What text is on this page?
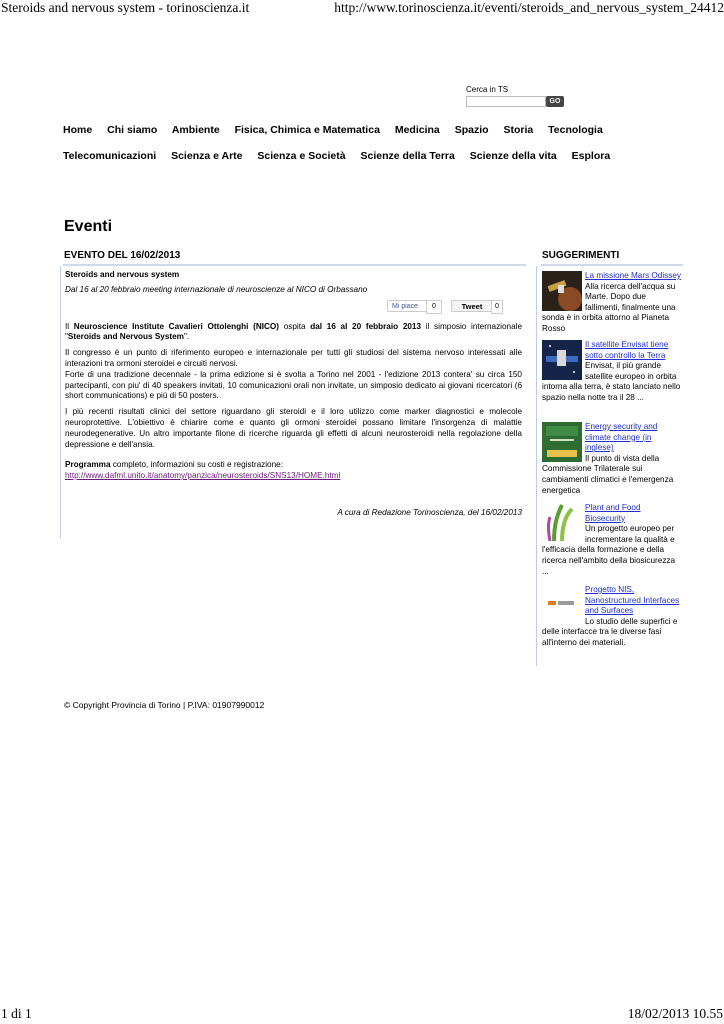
Steroids and nervous system - torinoscienza.it	http://www.torinoscienza.it/eventi/steroids_and_nervous_system_24412
Cerca in TS
GO
Home Chi siamo Ambiente Fisica, Chimica e Matematica Medicina Spazio Storia Tecnologia
Telecomunicazioni Scienza e Arte Scienza e Società Scienze della Terra Scienze della vita Esplora
Eventi
EVENTO DEL 16/02/2013	SUGGERIMENTI
Steroids and nervous system
Dal 16 al 20 febbraio meeting internazionale di neuroscienze al NICO di Orbassano
Mi piace	0	Tweet	0

Il Neuroscience Institute Cavalieri Ottolenghi (NICO) ospita dal 16 al 20 febbraio 2013 il simposio internazionale "Steroids and Nervous System".

Il congresso è un punto di riferimento europeo e internazionale per tutti gli studiosi del sistema nervoso interessati alle interazioni tra ormoni steroidei e circuiti nervosi.

Forte di una tradizione decennale - la prima edizione si è svolta a Torino nel 2001 - l'edizione 2013 contera' su circa 150 partecipanti, con piu' di 40 speakers invitati, 10 comunicazioni orali non invitate, un simposio dedicato ai giovani ricercatori (6 short communications) e più di 50 posters.

I più recenti risultati clinici del settore riguardano gli steroidi e il loro utilizzo come marker diagnostici e molecole neuroprotettive. L'obiettivo è chiarire come e quanto gli ormoni steroidei possano limitare l'insorgenza di malattie neurodegenerative. Un altro importante filone di ricerche riguarda gli effetti di alcuni neurosteroidi nella regolazione della depressione e dell'ansia.

Programma completo, informazioni su costi e registrazione:
http://www.dafml.unito.it/anatomy/panzica/neurosteroids/SNS13/HOME.html

A cura di Redazione Torinoscienza, del 16/02/2013
La missione Mars Odissey
Alla ricerca dell'acqua su Marte. Dopo due fallimenti, finalmente una sonda è in orbita attorno al Pianeta Rosso
Il satellite Envisat tiene sotto controllo la Terra
Envisat, il più grande satellite europeo in orbita intorna alla terra, è stato lanciato nello spazio nella notte tra il 28 ...
Energy security and climate change (in inglese)
Il punto di vista della Commissione Trilaterale sui cambiamenti climatici e l'emergenza energetica
Plant and Food Biosecurity
Un progetto europeo per incrementare la qualità e l'efficacia della formazione e della ricerca nell'ambito della biosicurezza ...
Progetto NIS, Nanostructured Interfaces and Surfaces
Lo studio delle superfici e delle interfacce tra le diverse fasi all'interno dei materiali.
© Copyright Provincia di Torino | P.IVA: 01907990012
1 di 1	18/02/2013 10.55
